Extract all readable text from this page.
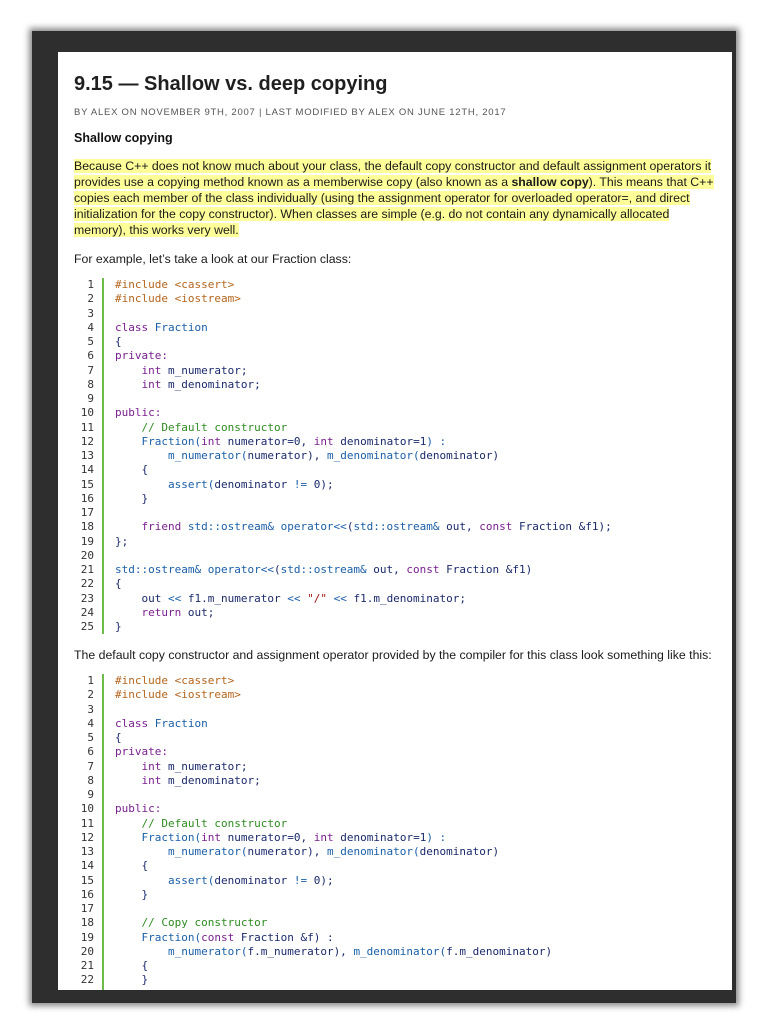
9.15 — Shallow vs. deep copying
BY ALEX ON NOVEMBER 9TH, 2007 | LAST MODIFIED BY ALEX ON JUNE 12TH, 2017
Shallow copying
Because C++ does not know much about your class, the default copy constructor and default assignment operators it
provides use a copying method known as a memberwise copy (also known as a shallow copy). This means that C++
copies each member of the class individually (using the assignment operator for overloaded operator=, and direct
initialization for the copy constructor). When classes are simple (e.g. do not contain any dynamically allocated
memory), this works very well.
For example, let’s take a look at our Fraction class:
1
2
3
4
5
6
7
8
9
10
11
12
13
14
15
16
17
18
19
20
21
22
23
24
25
#include <cassert>
#include <iostream>

class Fraction
{
private:
int m_numerator;
int m_denominator;

public:
// Default constructor
Fraction(int numerator=0, int denominator=1) :
m_numerator(numerator), m_denominator(denominator)
{
assert(denominator != 0);
}

friend std::ostream& operator<<(std::ostream& out, const Fraction &f1);
};

std::ostream& operator<<(std::ostream& out, const Fraction &f1)
{
out << f1.m_numerator << "/" << f1.m_denominator;
return out;
}
The default copy constructor and assignment operator provided by the compiler for this class look something like this:
1
2
3
4
5
6
7
8
9
10
11
12
13
14
15
16
17
18
19
20
21
22
#include <cassert>
#include <iostream>

class Fraction
{
private:
int m_numerator;
int m_denominator;

public:
// Default constructor
Fraction(int numerator=0, int denominator=1) :
m_numerator(numerator), m_denominator(denominator)
{
assert(denominator != 0);
}

// Copy constructor
Fraction(const Fraction &f) :
m_numerator(f.m_numerator), m_denominator(f.m_denominator)
{
}
